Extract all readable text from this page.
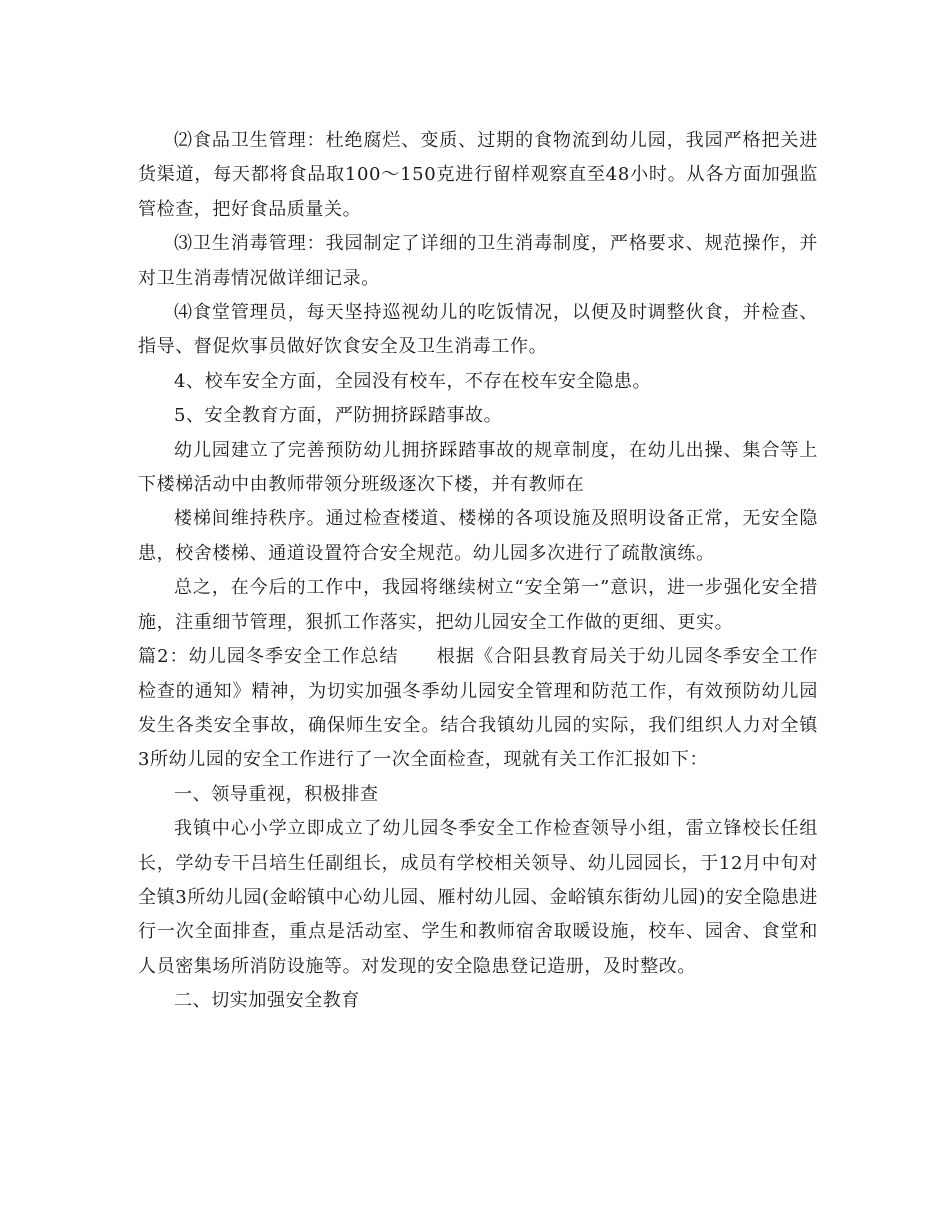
⑵食品卫生管理：杜绝腐烂、变质、过期的食物流到幼儿园，我园严格把关进货渠道，每天都将食品取100～150克进行留样观察直至48小时。从各方面加强监管检查，把好食品质量关。

⑶卫生消毒管理：我园制定了详细的卫生消毒制度，严格要求、规范操作，并对卫生消毒情况做详细记录。

⑷食堂管理员，每天坚持巡视幼儿的吃饭情况，以便及时调整伙食，并检查、指导、督促炊事员做好饮食安全及卫生消毒工作。

4、校车安全方面，全园没有校车，不存在校车安全隐患。

5、安全教育方面，严防拥挤踩踏事故。

幼儿园建立了完善预防幼儿拥挤踩踏事故的规章制度，在幼儿出操、集合等上下楼梯活动中由教师带领分班级逐次下楼，并有教师在

楼梯间维持秩序。通过检查楼道、楼梯的各项设施及照明设备正常，无安全隐患，校舍楼梯、通道设置符合安全规范。幼儿园多次进行了疏散演练。

总之，在今后的工作中，我园将继续树立“安全第一”意识，进一步强化安全措施，注重细节管理，狠抓工作落实，把幼儿园安全工作做的更细、更实。

篇2：幼儿园冬季安全工作总结　　根据《合阳县教育局关于幼儿园冬季安全工作检查的通知》精神，为切实加强冬季幼儿园安全管理和防范工作，有效预防幼儿园发生各类安全事故，确保师生安全。结合我镇幼儿园的实际，我们组织人力对全镇3所幼儿园的安全工作进行了一次全面检查，现就有关工作汇报如下：

一、领导重视，积极排查

我镇中心小学立即成立了幼儿园冬季安全工作检查领导小组，雷立锋校长任组长，学幼专干吕培生任副组长，成员有学校相关领导、幼儿园园长，于12月中旬对全镇3所幼儿园(金峪镇中心幼儿园、雁村幼儿园、金峪镇东街幼儿园)的安全隐患进行一次全面排查，重点是活动室、学生和教师宿舍取暖设施，校车、园舍、食堂和人员密集场所消防设施等。对发现的安全隐患登记造册，及时整改。

二、切实加强安全教育
